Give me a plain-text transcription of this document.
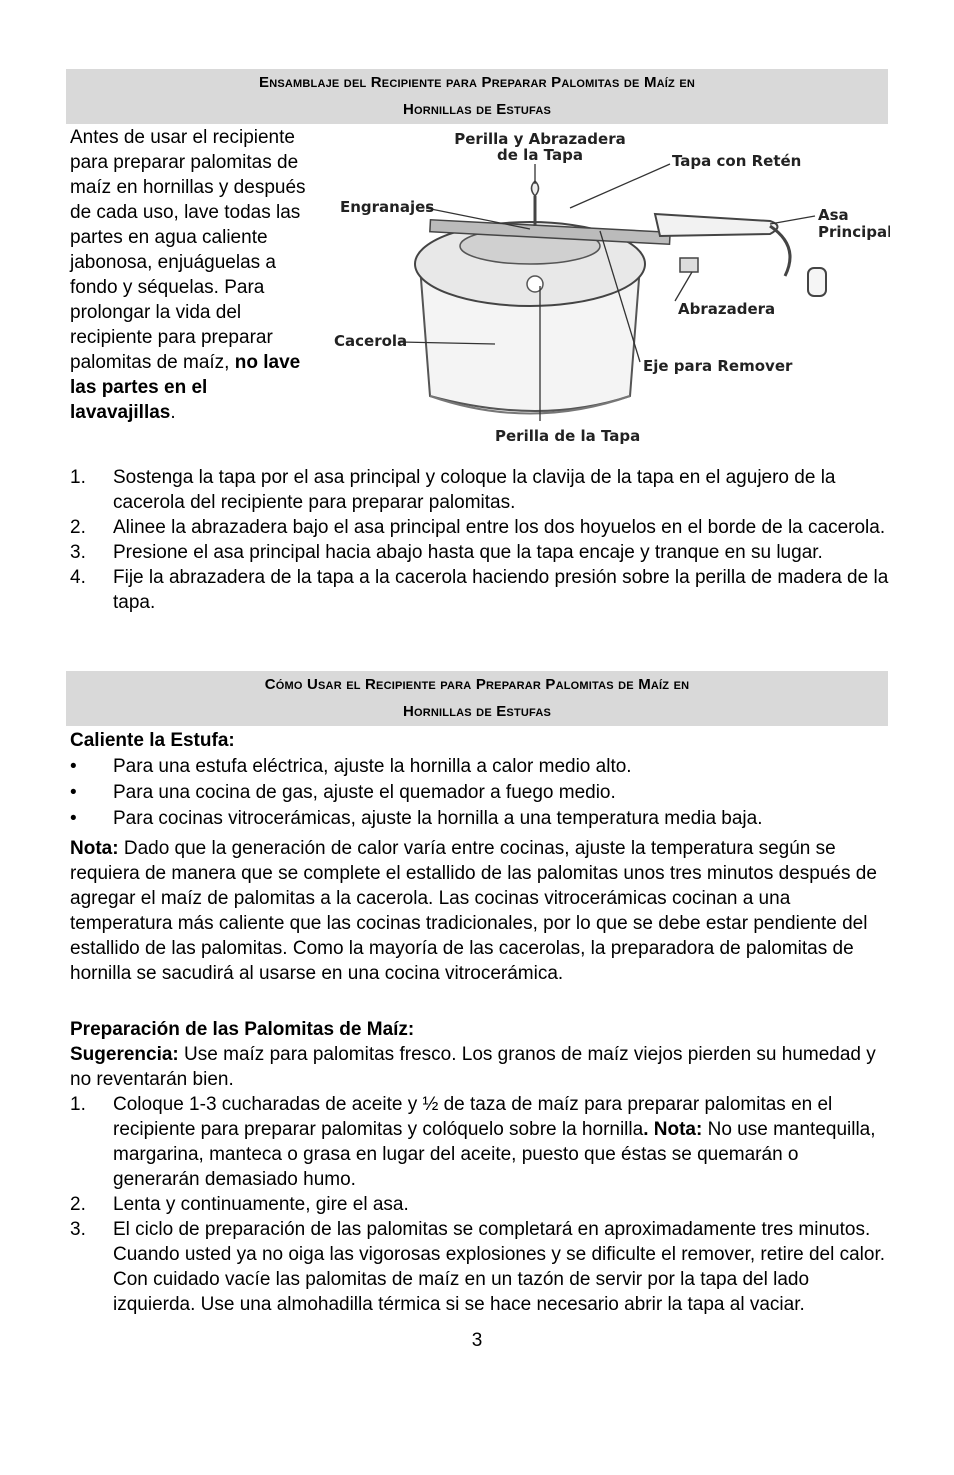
Ensamblaje del Recipiente para Preparar Palomitas de Maíz en
Hornillas de Estufas
Antes de usar el recipiente para preparar palomitas de maíz en hornillas y después de cada uso, lave todas las partes en agua caliente jabonosa, enjuáguelas a fondo y séquelas. Para prolongar la vida del recipiente para preparar palomitas de maíz, no lave las partes en el lavavajillas.
Perilla y Abrazadera
de la Tapa	Tapa con Retén
Engranajes	Asa
Principal
Abrazadera
Cacerola
Eje para Remover
Perilla de la Tapa
1. Sostenga la tapa por el asa principal y coloque la clavija de la tapa en el agujero de la cacerola del recipiente para preparar palomitas.
2. Alinee la abrazadera bajo el asa principal entre los dos hoyuelos en el borde de la cacerola.
3. Presione el asa principal hacia abajo hasta que la tapa encaje y tranque en su lugar.
4. Fije la abrazadera de la tapa a la cacerola haciendo presión sobre la perilla de madera de la tapa.
Cómo Usar el Recipiente para Preparar Palomitas de Maíz en
Hornillas de Estufas
Caliente la Estufa:
• Para una estufa eléctrica, ajuste la hornilla a calor medio alto.
• Para una cocina de gas, ajuste el quemador a fuego medio.
• Para cocinas vitrocerámicas, ajuste la hornilla a una temperatura media baja.
Nota: Dado que la generación de calor varía entre cocinas, ajuste la temperatura según se requiera de manera que se complete el estallido de las palomitas unos tres minutos después de agregar el maíz de palomitas a la cacerola. Las cocinas vitrocerámicas cocinan a una temperatura más caliente que las cocinas tradicionales, por lo que se debe estar pendiente del estallido de las palomitas. Como la mayoría de las cacerolas, la preparadora de palomitas de hornilla se sacudirá al usarse en una cocina vitrocerámica.
Preparación de las Palomitas de Maíz:
Sugerencia: Use maíz para palomitas fresco. Los granos de maíz viejos pierden su humedad y no reventarán bien.
1. Coloque 1-3 cucharadas de aceite y ½ de taza de maíz para preparar palomitas en el recipiente para preparar palomitas y colóquelo sobre la hornilla. Nota: No use mantequilla, margarina, manteca o grasa en lugar del aceite, puesto que éstas se quemarán o generarán demasiado humo.
2. Lenta y continuamente, gire el asa.
3. El ciclo de preparación de las palomitas se completará en aproximadamente tres minutos. Cuando usted ya no oiga las vigorosas explosiones y se dificulte el remover, retire del calor. Con cuidado vacíe las palomitas de maíz en un tazón de servir por la tapa del lado izquierda. Use una almohadilla térmica si se hace necesario abrir la tapa al vaciar.
3
